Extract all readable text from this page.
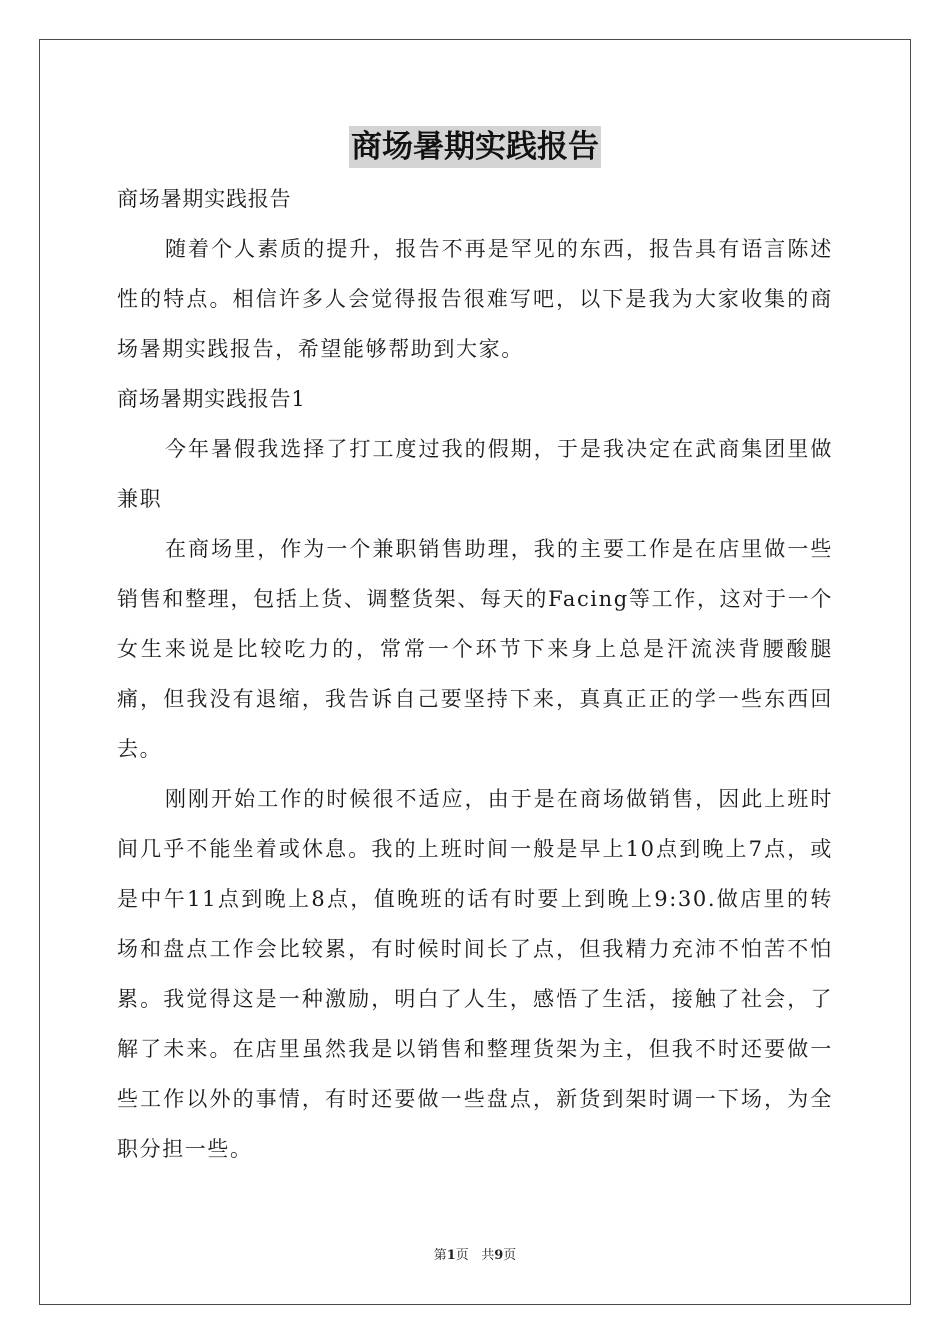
商场暑期实践报告

商场暑期实践报告

随着个人素质的提升，报告不再是罕见的东西，报告具有语言陈述性的特点。相信许多人会觉得报告很难写吧，以下是我为大家收集的商场暑期实践报告，希望能够帮助到大家。

商场暑期实践报告1

今年暑假我选择了打工度过我的假期，于是我决定在武商集团里做兼职

在商场里，作为一个兼职销售助理，我的主要工作是在店里做一些销售和整理，包括上货、调整货架、每天的Facing等工作，这对于一个女生来说是比较吃力的，常常一个环节下来身上总是汗流浃背腰酸腿痛，但我没有退缩，我告诉自己要坚持下来，真真正正的学一些东西回去。

刚刚开始工作的时候很不适应，由于是在商场做销售，因此上班时间几乎不能坐着或休息。我的上班时间一般是早上10点到晚上7点，或是中午11点到晚上8点，值晚班的话有时要上到晚上9:30.做店里的转场和盘点工作会比较累，有时候时间长了点，但我精力充沛不怕苦不怕累。我觉得这是一种激励，明白了人生，感悟了生活，接触了社会，了解了未来。在店里虽然我是以销售和整理货架为主，但我不时还要做一些工作以外的事情，有时还要做一些盘点，新货到架时调一下场，为全职分担一些。

第1页 共9页
